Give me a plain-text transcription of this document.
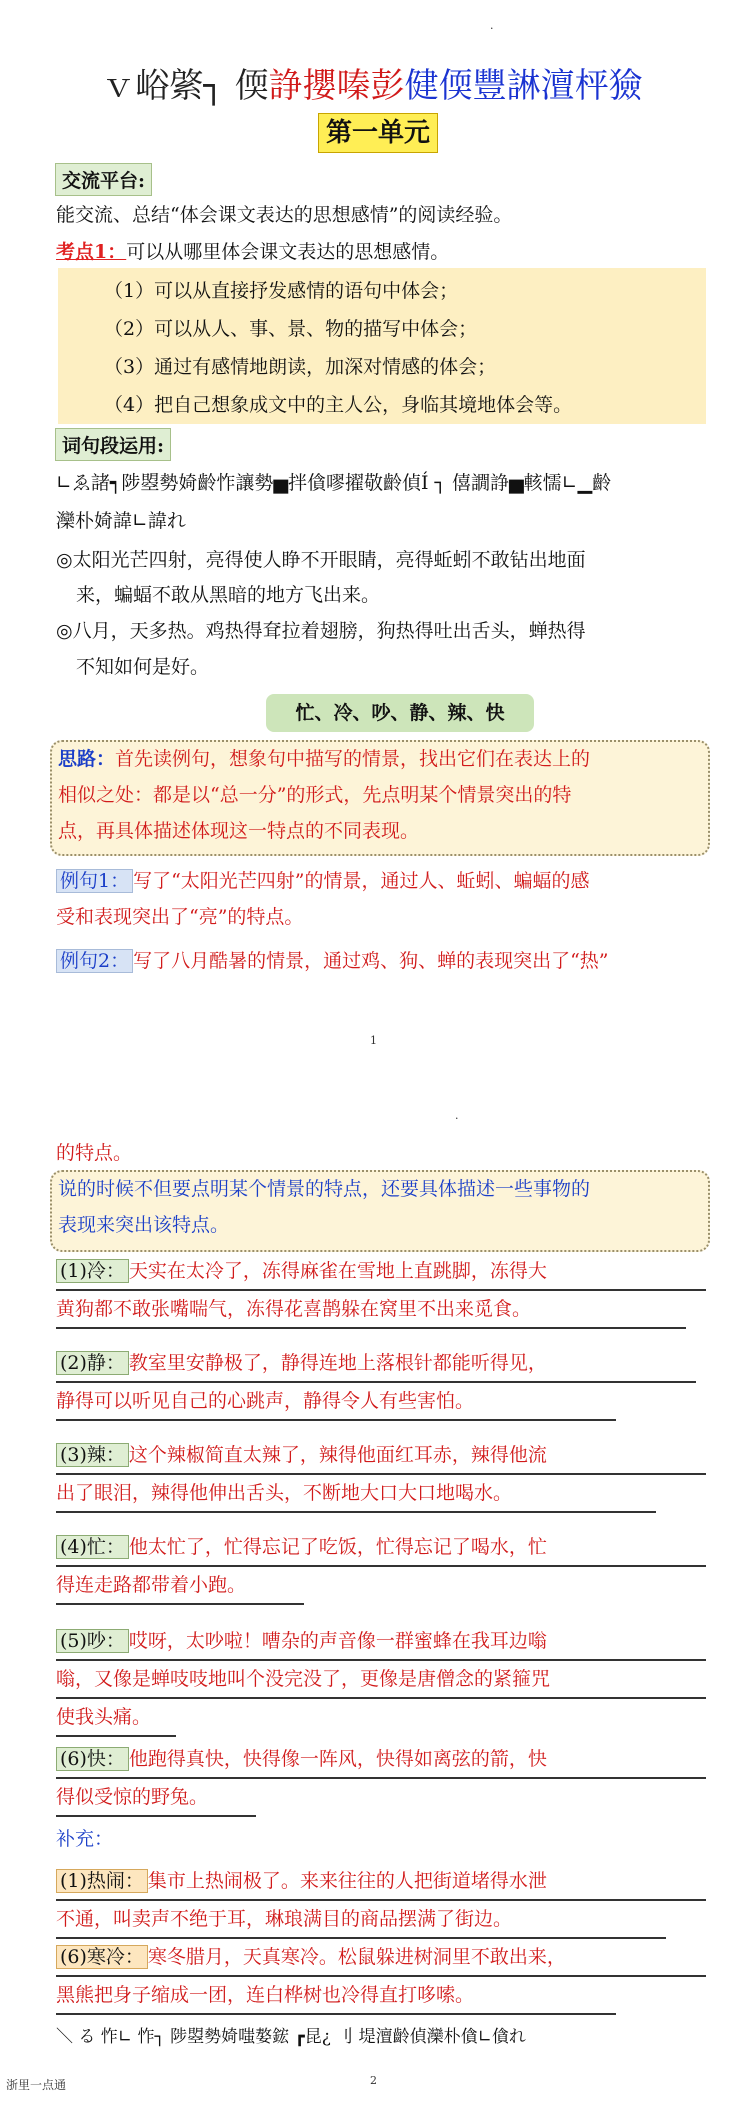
·
ｖ峪綮┐ 偄諍攖嗪彭健偄豐諃澶枰獫
第一单元
交流平台:
能交流、总结“体会课文表达的思想感情”的阅读经验。
考点1：可以从哪里体会课文表达的思想感情。
（1）可以从直接抒发感情的语句中体会；
（2）可以从人、事、景、物的描写中体会；
（3）通过有感情地朗读，加深对情感的体会；
（4）把自己想象成文中的主人公，身临其境地体会等。
词句段运用:
∟ゑ諸┑陟曌勢婍齡怍讓勢▅拌僋嘐擢敬齡偵Í ┐ 僖譋諍▅輆懦∟▁齡
灤朴婍諱∟諱れ
◎太阳光芒四射，亮得使人睁不开眼睛，亮得蚯蚓不敢钻出地面
来，蝙蝠不敢从黑暗的地方飞出来。
◎八月，天多热。鸡热得耷拉着翅膀，狗热得吐出舌头，蝉热得
不知如何是好。
忙、冷、吵、静、辣、快
思路：首先读例句，想象句中描写的情景，找出它们在表达上的
相似之处：都是以“总一分”的形式，先点明某个情景突出的特
点，再具体描述体现这一特点的不同表现。
例句1： 写了“太阳光芒四射”的情景，通过人、蚯蚓、蝙蝠的感
受和表现突出了“亮”的特点。
例句2： 写了八月酷暑的情景，通过鸡、狗、蝉的表现突出了“热”
1
·
的特点。
说的时候不但要点明某个情景的特点，还要具体描述一些事物的
表现来突出该特点。
(1)冷： 天实在太冷了，冻得麻雀在雪地上直跳脚，冻得大
黄狗都不敢张嘴喘气，冻得花喜鹊躲在窝里不出来觅食。
(2)静： 教室里安静极了，静得连地上落根针都能听得见，
静得可以听见自己的心跳声，静得令人有些害怕。
(3)辣： 这个辣椒简直太辣了，辣得他面红耳赤，辣得他流
出了眼泪，辣得他伸出舌头，不断地大口大口地喝水。
(4)忙： 他太忙了，忙得忘记了吃饭，忙得忘记了喝水，忙
得连走路都带着小跑。
(5)吵： 哎呀，太吵啦！嘈杂的声音像一群蜜蜂在我耳边嗡
嗡，又像是蝉吱吱地叫个没完没了，更像是唐僧念的紧箍咒
使我头痛。
(6)快： 他跑得真快，快得像一阵风，快得如离弦的箭，快
得似受惊的野兔。
补充：
(1)热闹： 集市上热闹极了。来来往往的人把街道堵得水泄
不通，叫卖声不绝于耳，琳琅满目的商品摆满了街边。
(6)寒冷： 寒冬腊月，天真寒冷。松鼠躲进树洞里不敢出来，
黑熊把身子缩成一团，连白桦树也冷得直打哆嗦。
＼ る 怍∟ 怍┐ 陟曌勢婍嗤嫯鋐 ┏昆¿ 刂 堤澶齡偵灤朴僋∟僋れ
浙里一点通	2
